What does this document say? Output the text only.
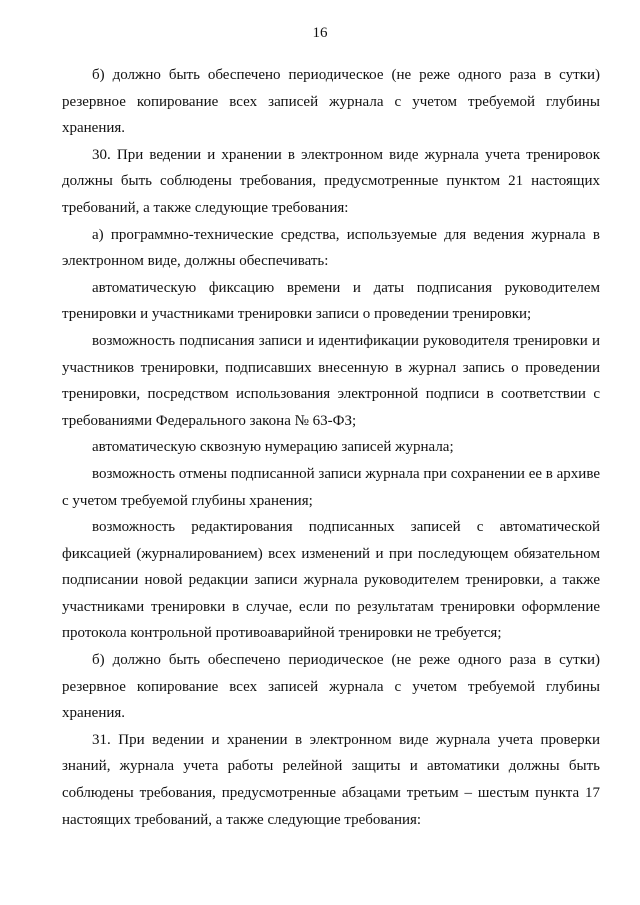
16

б) должно быть обеспечено периодическое (не реже одного раза в сутки) резервное копирование всех записей журнала с учетом требуемой глубины хранения.

30. При ведении и хранении в электронном виде журнала учета тренировок должны быть соблюдены требования, предусмотренные пунктом 21 настоящих требований, а также следующие требования:

а) программно-технические средства, используемые для ведения журнала в электронном виде, должны обеспечивать:

автоматическую фиксацию времени и даты подписания руководителем тренировки и участниками тренировки записи о проведении тренировки;

возможность подписания записи и идентификации руководителя тренировки и участников тренировки, подписавших внесенную в журнал запись о проведении тренировки, посредством использования электронной подписи в соответствии с требованиями Федерального закона № 63-ФЗ;

автоматическую сквозную нумерацию записей журнала;

возможность отмены подписанной записи журнала при сохранении ее в архиве с учетом требуемой глубины хранения;

возможность редактирования подписанных записей с автоматической фиксацией (журналированием) всех изменений и при последующем обязательном подписании новой редакции записи журнала руководителем тренировки, а также участниками тренировки в случае, если по результатам тренировки оформление протокола контрольной противоаварийной тренировки не требуется;

б) должно быть обеспечено периодическое (не реже одного раза в сутки) резервное копирование всех записей журнала с учетом требуемой глубины хранения.

31. При ведении и хранении в электронном виде журнала учета проверки знаний, журнала учета работы релейной защиты и автоматики должны быть соблюдены требования, предусмотренные абзацами третьим – шестым пункта 17 настоящих требований, а также следующие требования:
